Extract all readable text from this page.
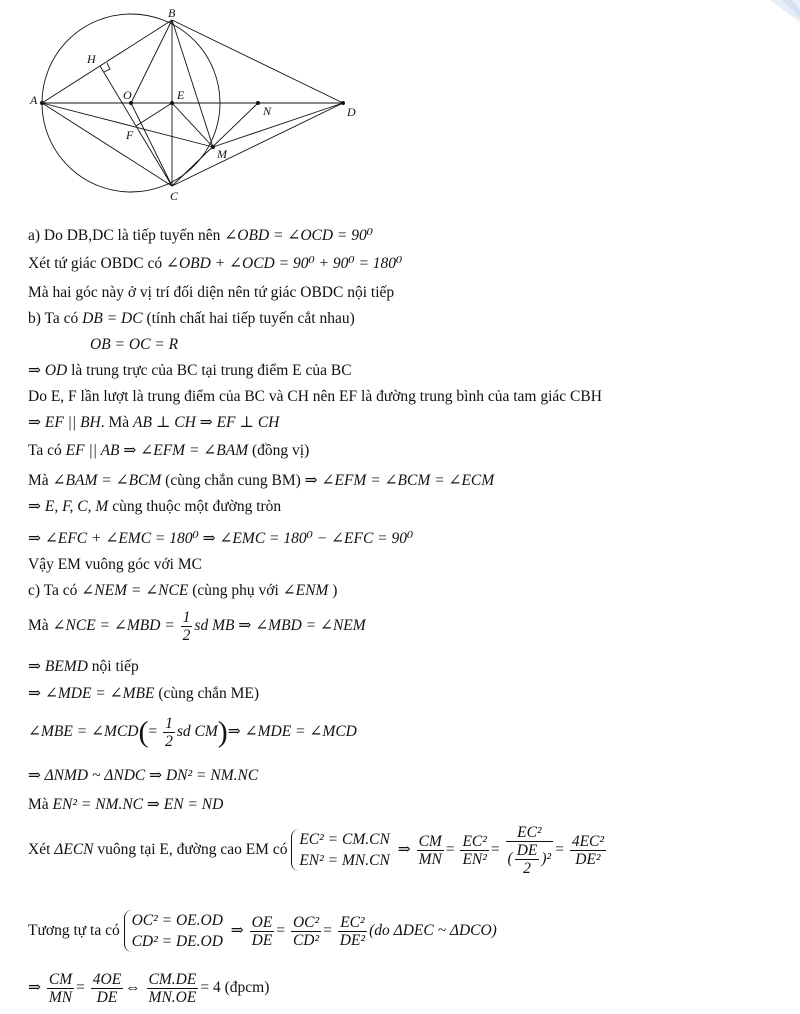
A
B
C
D
E
F
H
M
N
O
a) Do DB,DC là tiếp tuyến nên ∠OBD = ∠OCD = 90⁰
Xét tứ giác OBDC có ∠OBD + ∠OCD = 90⁰ + 90⁰ = 180⁰
Mà hai góc này ở vị trí đối diện nên tứ giác OBDC nội tiếp
b) Ta có DB = DC (tính chất hai tiếp tuyến cắt nhau)
OB = OC = R
⇒ OD là trung trực của BC tại trung điểm E của BC
Do E, F lần lượt là trung điểm của BC và CH nên EF là đường trung bình của tam giác CBH
⇒ EF || BH. Mà AB ⊥ CH ⇒ EF ⊥ CH
Ta có EF || AB ⇒ ∠EFM = ∠BAM (đồng vị)
Mà ∠BAM = ∠BCM (cùng chắn cung BM) ⇒ ∠EFM = ∠BCM = ∠ECM
⇒ E, F, C, M cùng thuộc một đường tròn
⇒ ∠EFC + ∠EMC = 180⁰ ⇒ ∠EMC = 180⁰ − ∠EFC = 90⁰
Vậy EM vuông góc với MC
c) Ta có ∠NEM = ∠NCE (cùng phụ với ∠ENM )
Mà ∠NCE = ∠MBD = $\frac{1}{2}$ sd MB ⇒ ∠MBD = ∠NEM
⇒ BEMD nội tiếp
⇒ ∠MDE = ∠MBE (cùng chắn ME)
∠MBE = ∠MCD(= $\frac{1}{2}$ sd CM)⇒ ∠MDE = ∠MCD
⇒ ΔNMD ~ ΔNDC ⇒ DN² = NM.NC
Mà EN² = NM.NC ⇒ EN = ND
Xét ΔECN vuông tại E, đường cao EM có EC² = CM.CN
EN² = MN.CN ⇒ $\frac{CM}{MN} = \frac{\text{EC²}}{\text{EN²}} = \frac{\text{EC²}}{( \frac{DE}{2} )^2} = \frac{\text{4EC²}}{\text{DE²}}$
Tương tự ta có OC² = OE.OD
CD² = DE.OD ⇒ $\frac{OE}{DE} = \frac{\text{OC²}}{\text{CD²}} = \frac{\text{EC²}}{\text{DE²}} (do$ ΔDEC ~ ΔDCO)
⇒ $\frac{CM}{MN} = \frac{4OE}{DE}$ ⇔ $\frac{CM.DE}{MN.OE} = 4$ (đpcm)
